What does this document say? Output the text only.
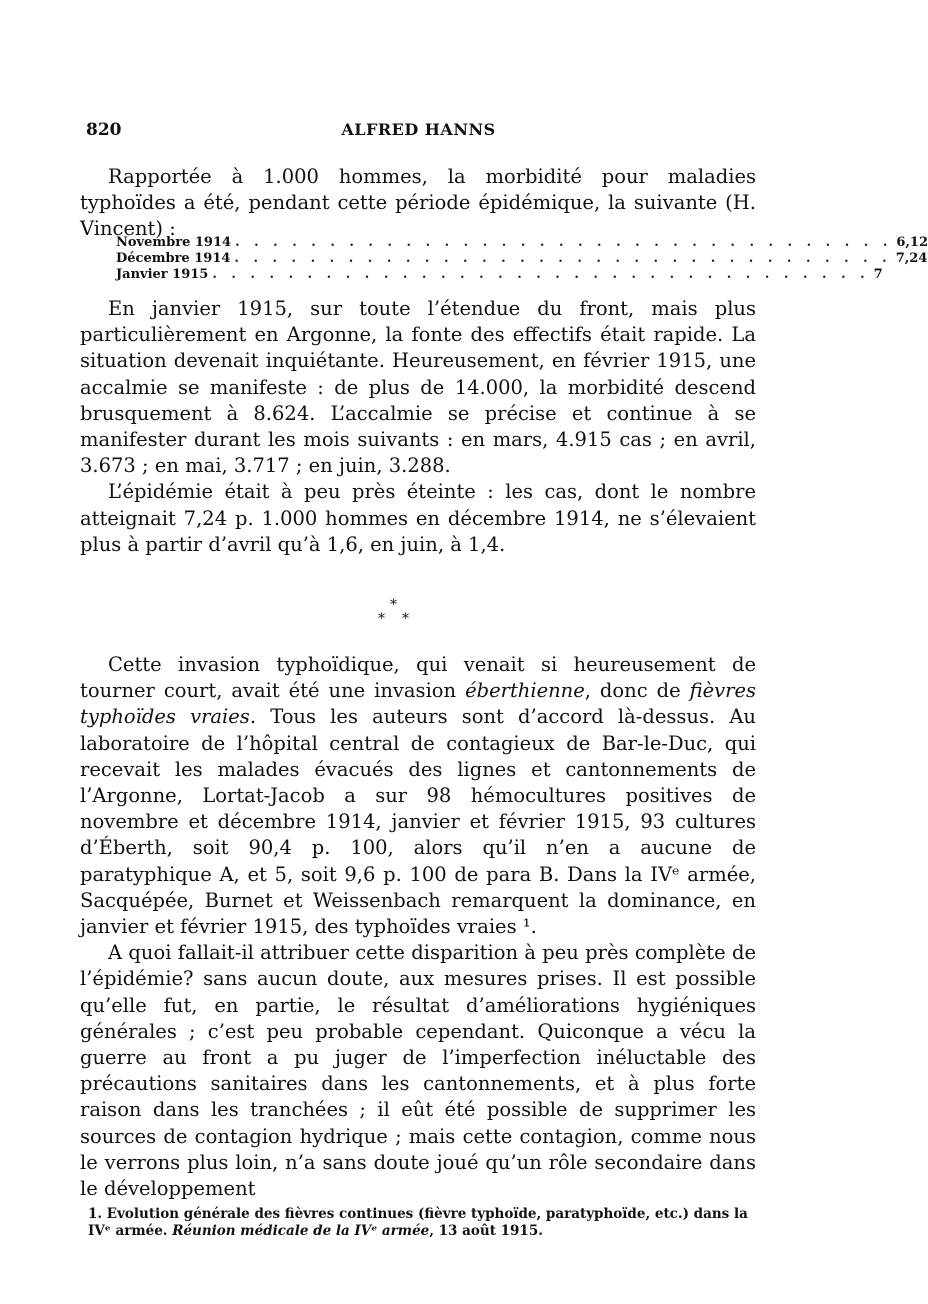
820	ALFRED HANNS

Rapportée à 1.000 hommes, la morbidité pour maladies typhoïdes a été, pendant cette période épidémique, la suivante (H. Vincent) :

Novembre 1914 . . . . . . . . . . . . . . . . . . . . . . . . . . . . . . . . . . . 6,12
Décembre 1914 . . . . . . . . . . . . . . . . . . . . . . . . . . . . . . . . . . . 7,24
Janvier 1915 . . . . . . . . . . . . . . . . . . . . . . . . . . . . . . . . . . . 7

En janvier 1915, sur toute l’étendue du front, mais plus particulièrement en Argonne, la fonte des effectifs était rapide. La situation devenait inquiétante. Heureusement, en février 1915, une accalmie se manifeste : de plus de 14.000, la morbidité descend brusquement à 8.624. L’accalmie se précise et continue à se manifester durant les mois suivants : en mars, 4.915 cas ; en avril, 3.673 ; en mai, 3.717 ; en juin, 3.288.

L’épidémie était à peu près éteinte : les cas, dont le nombre atteignait 7,24 p. 1.000 hommes en décembre 1914, ne s’élevaient plus à partir d’avril qu’à 1,6, en juin, à 1,4.

*
* *

Cette invasion typhoïdique, qui venait si heureusement de tourner court, avait été une invasion éberthienne, donc de fièvres typhoïdes vraies. Tous les auteurs sont d’accord là-dessus. Au laboratoire de l’hôpital central de contagieux de Bar-le-Duc, qui recevait les malades évacués des lignes et cantonnements de l’Argonne, Lortat-Jacob a sur 98 hémocultures positives de novembre et décembre 1914, janvier et février 1915, 93 cultures d’Éberth, soit 90,4 p. 100, alors qu’il n’en a aucune de paratyphique A, et 5, soit 9,6 p. 100 de para B. Dans la IVᵉ armée, Sacquépée, Burnet et Weissenbach remarquent la dominance, en janvier et février 1915, des typhoïdes vraies ¹.

A quoi fallait-il attribuer cette disparition à peu près complète de l’épidémie? sans aucun doute, aux mesures prises. Il est possible qu’elle fut, en partie, le résultat d’améliorations hygiéniques générales ; c’est peu probable cependant. Quiconque a vécu la guerre au front a pu juger de l’imperfection inéluctable des précautions sanitaires dans les cantonnements, et à plus forte raison dans les tranchées ; il eût été possible de supprimer les sources de contagion hydrique ; mais cette contagion, comme nous le verrons plus loin, n’a sans doute joué qu’un rôle secondaire dans le développement

1. Evolution générale des fièvres continues (fièvre typhoïde, paratyphoïde, etc.) dans la IVᵉ armée. Réunion médicale de la IVᵉ armée, 13 août 1915.
